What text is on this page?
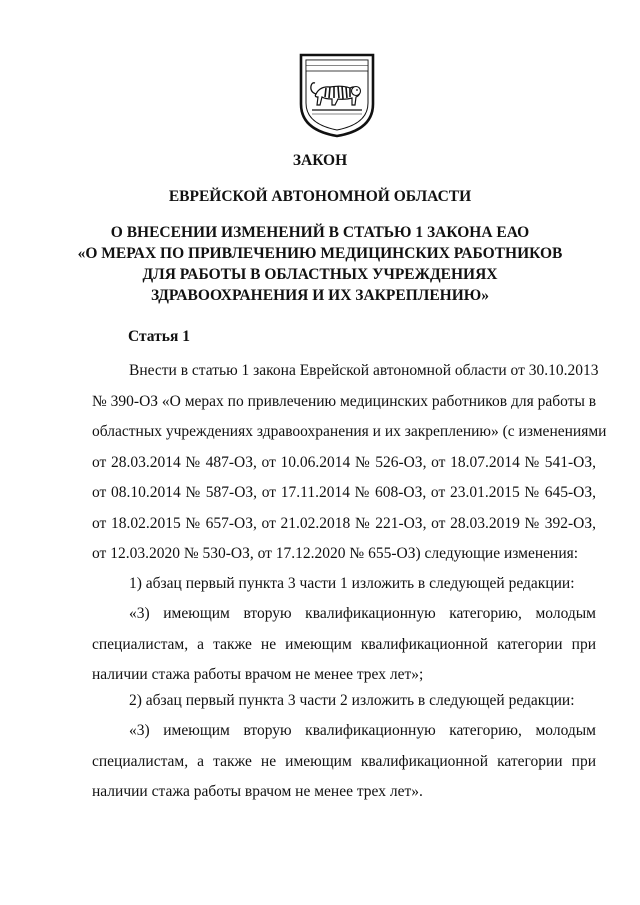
ЗАКОН

ЕВРЕЙСКОЙ АВТОНОМНОЙ ОБЛАСТИ

О ВНЕСЕНИИ ИЗМЕНЕНИЙ В СТАТЬЮ 1 ЗАКОНА ЕАО
«О МЕРАХ ПО ПРИВЛЕЧЕНИЮ МЕДИЦИНСКИХ РАБОТНИКОВ
ДЛЯ РАБОТЫ В ОБЛАСТНЫХ УЧРЕЖДЕНИЯХ
ЗДРАВООХРАНЕНИЯ И ИХ ЗАКРЕПЛЕНИЮ»

Статья 1

Внести в статью 1 закона Еврейской автономной области от 30.10.2013
№ 390-ОЗ «О мерах по привлечению медицинских работников для работы в
областных учреждениях здравоохранения и их закреплению» (с изменениями
от 28.03.2014 № 487-ОЗ, от 10.06.2014 № 526-ОЗ, от 18.07.2014 № 541-ОЗ,
от 08.10.2014 № 587-ОЗ, от 17.11.2014 № 608-ОЗ, от 23.01.2015 № 645-ОЗ,
от 18.02.2015 № 657-ОЗ, от 21.02.2018 № 221-ОЗ, от 28.03.2019 № 392-ОЗ,
от 12.03.2020 № 530-ОЗ, от 17.12.2020 № 655-ОЗ) следующие изменения:

1) абзац первый пункта 3 части 1 изложить в следующей редакции:

«3) имеющим вторую квалификационную категорию, молодым
специалистам, а также не имеющим квалификационной категории при
наличии стажа работы врачом не менее трех лет»;

2) абзац первый пункта 3 части 2 изложить в следующей редакции:

«3) имеющим вторую квалификационную категорию, молодым
специалистам, а также не имеющим квалификационной категории при
наличии стажа работы врачом не менее трех лет».
